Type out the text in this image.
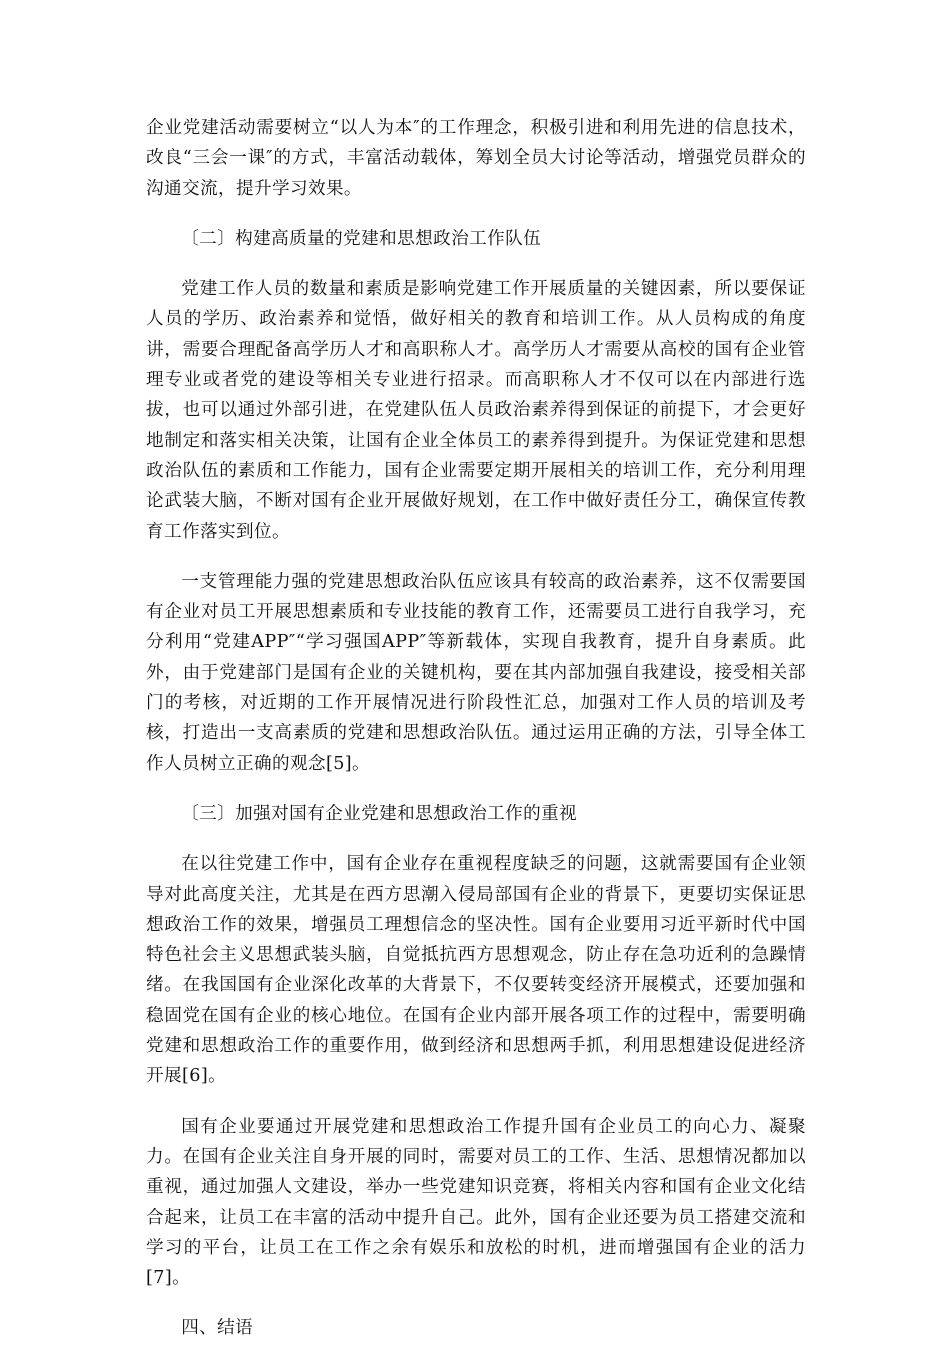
企业党建活动需要树立“以人为本″的工作理念，积极引进和利用先进的信息技术，改良“三会一课″的方式，丰富活动载体，筹划全员大讨论等活动，增强党员群众的沟通交流，提升学习效果。

〔二〕构建高质量的党建和思想政治工作队伍

党建工作人员的数量和素质是影响党建工作开展质量的关键因素，所以要保证人员的学历、政治素养和觉悟，做好相关的教育和培训工作。从人员构成的角度讲，需要合理配备高学历人才和高职称人才。高学历人才需要从高校的国有企业管理专业或者党的建设等相关专业进行招录。而高职称人才不仅可以在内部进行选拔，也可以通过外部引进，在党建队伍人员政治素养得到保证的前提下，才会更好地制定和落实相关决策，让国有企业全体员工的素养得到提升。为保证党建和思想政治队伍的素质和工作能力，国有企业需要定期开展相关的培训工作，充分利用理论武装大脑，不断对国有企业开展做好规划，在工作中做好责任分工，确保宣传教育工作落实到位。

一支管理能力强的党建思想政治队伍应该具有较高的政治素养，这不仅需要国有企业对员工开展思想素质和专业技能的教育工作，还需要员工进行自我学习，充分利用“党建APP″“学习强国APP″等新载体，实现自我教育，提升自身素质。此外，由于党建部门是国有企业的关键机构，要在其内部加强自我建设，接受相关部门的考核，对近期的工作开展情况进行阶段性汇总，加强对工作人员的培训及考核，打造出一支高素质的党建和思想政治队伍。通过运用正确的方法，引导全体工作人员树立正确的观念[5]。

〔三〕加强对国有企业党建和思想政治工作的重视

在以往党建工作中，国有企业存在重视程度缺乏的问题，这就需要国有企业领导对此高度关注，尤其是在西方思潮入侵局部国有企业的背景下，更要切实保证思想政治工作的效果，增强员工理想信念的坚决性。国有企业要用习近平新时代中国特色社会主义思想武装头脑，自觉抵抗西方思想观念，防止存在急功近利的急躁情绪。在我国国有企业深化改革的大背景下，不仅要转变经济开展模式，还要加强和稳固党在国有企业的核心地位。在国有企业内部开展各项工作的过程中，需要明确党建和思想政治工作的重要作用，做到经济和思想两手抓，利用思想建设促进经济开展[6]。

国有企业要通过开展党建和思想政治工作提升国有企业员工的向心力、凝聚力。在国有企业关注自身开展的同时，需要对员工的工作、生活、思想情况都加以重视，通过加强人文建设，举办一些党建知识竞赛，将相关内容和国有企业文化结合起来，让员工在丰富的活动中提升自己。此外，国有企业还要为员工搭建交流和学习的平台，让员工在工作之余有娱乐和放松的时机，进而增强国有企业的活力[7]。

四、结语
